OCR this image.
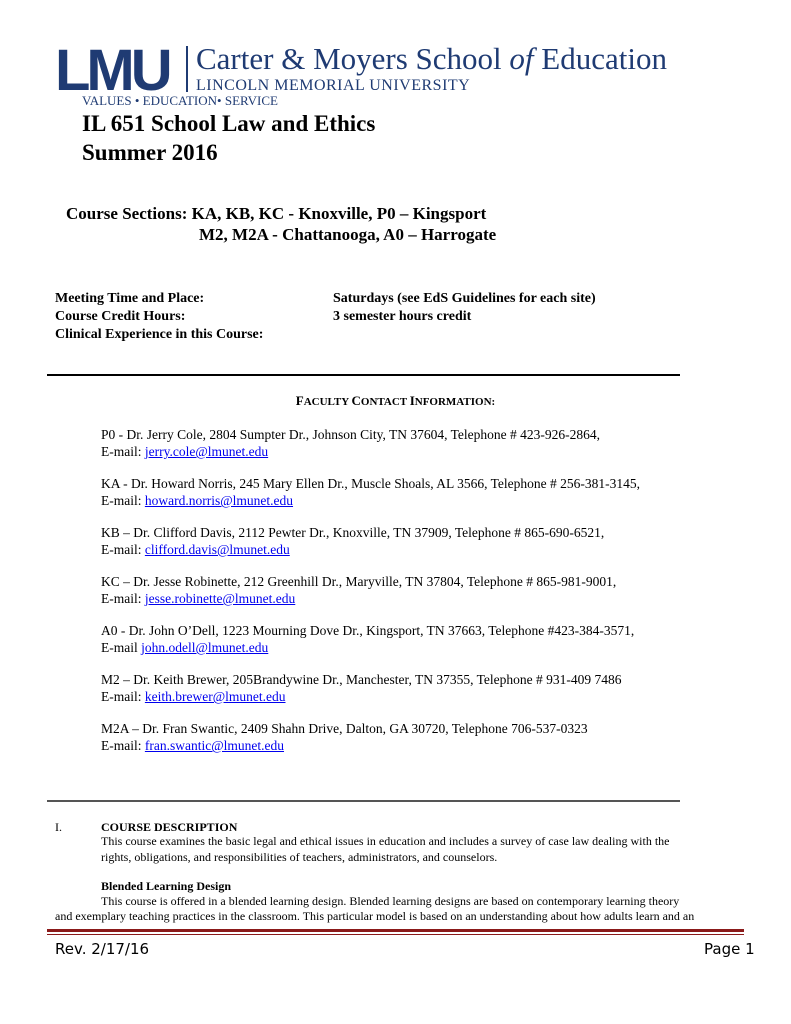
LMU Carter & Moyers School of Education
LINCOLN MEMORIAL UNIVERSITY
VALUES • EDUCATION• SERVICE
IL 651 School Law and Ethics
Summer 2016
Course Sections: KA, KB, KC - Knoxville, P0 – Kingsport
M2, M2A - Chattanooga, A0 – Harrogate
Meeting Time and Place:	Saturdays (see EdS Guidelines for each site)
Course Credit Hours:	3 semester hours credit
Clinical Experience in this Course:
FACULTY CONTACT INFORMATION:
P0 - Dr. Jerry Cole, 2804 Sumpter Dr., Johnson City, TN 37604, Telephone # 423-926-2864,
E-mail: jerry.cole@lmunet.edu
KA - Dr. Howard Norris, 245 Mary Ellen Dr., Muscle Shoals, AL 3566, Telephone # 256-381-3145,
E-mail: howard.norris@lmunet.edu
KB – Dr. Clifford Davis, 2112 Pewter Dr., Knoxville, TN 37909, Telephone # 865-690-6521,
E-mail: clifford.davis@lmunet.edu
KC – Dr. Jesse Robinette, 212 Greenhill Dr., Maryville, TN 37804, Telephone # 865-981-9001,
E-mail: jesse.robinette@lmunet.edu
A0 - Dr. John O’Dell, 1223 Mourning Dove Dr., Kingsport, TN 37663, Telephone #423-384-3571,
E-mail john.odell@lmunet.edu
M2 – Dr. Keith Brewer, 205Brandywine Dr., Manchester, TN 37355, Telephone # 931-409 7486
E-mail: keith.brewer@lmunet.edu
M2A – Dr. Fran Swantic, 2409 Shahn Drive, Dalton, GA 30720, Telephone 706-537-0323
E-mail: fran.swantic@lmunet.edu
I.	COURSE DESCRIPTION
This course examines the basic legal and ethical issues in education and includes a survey of case law dealing with the
rights, obligations, and responsibilities of teachers, administrators, and counselors.
Blended Learning Design
This course is offered in a blended learning design. Blended learning designs are based on contemporary learning theory
and exemplary teaching practices in the classroom. This particular model is based on an understanding about how adults learn and an
Rev. 2/17/16	Page 1
